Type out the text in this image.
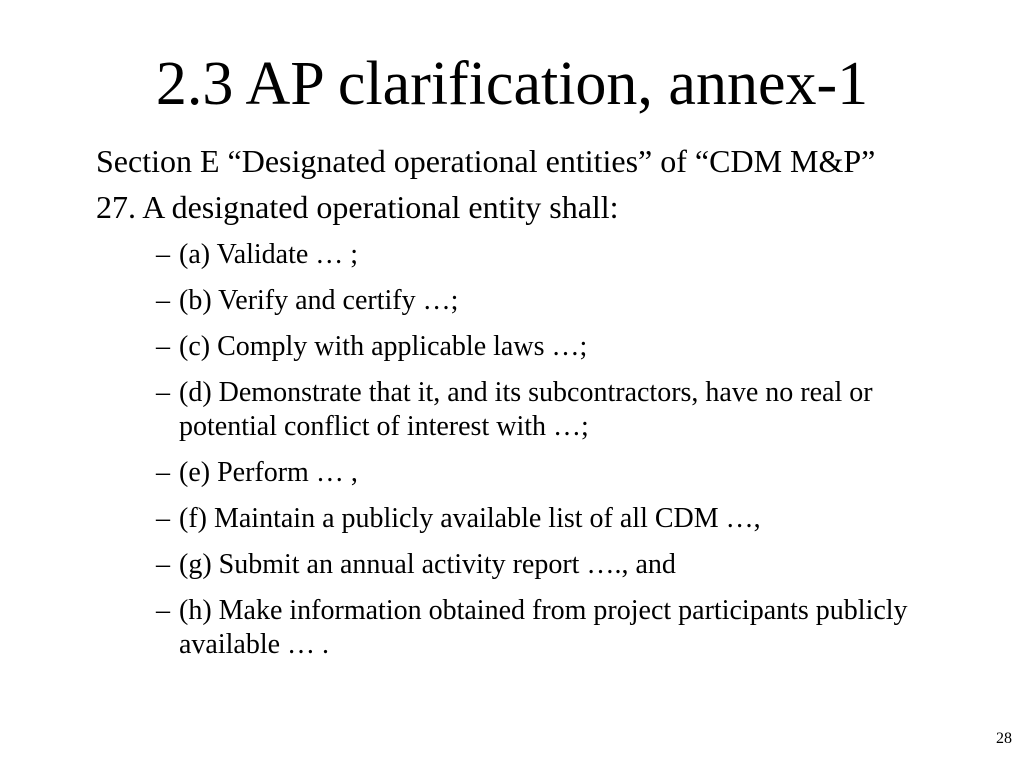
2.3 AP clarification, annex-1

Section E “Designated operational entities” of “CDM M&P”

27. A designated operational entity shall:

– (a) Validate … ;
– (b) Verify and certify …;
– (c) Comply with applicable laws …;
– (d) Demonstrate that it, and its subcontractors, have no real or potential conflict of interest with …;
– (e) Perform … ,
– (f) Maintain a publicly available list of all CDM …,
– (g) Submit an annual activity report …., and
– (h) Make information obtained from project participants publicly available … .
28
